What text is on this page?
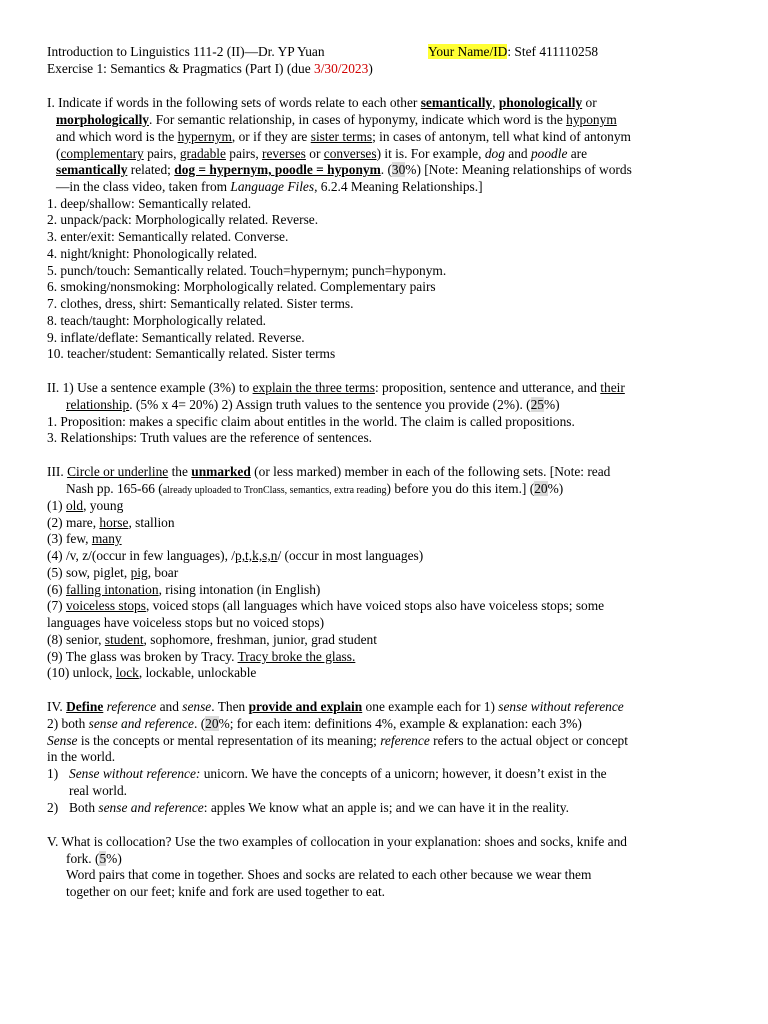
Introduction to Linguistics 111-2 (II)—Dr. YP Yuan	Your Name/ID: Stef 411110258
Exercise 1: Semantics & Pragmatics (Part I) (due 3/30/2023)
I. Indicate if words in the following sets of words relate to each other semantically, phonologically or
morphologically. For semantic relationship, in cases of hyponymy, indicate which word is the hyponym
and which word is the hypernym, or if they are sister terms; in cases of antonym, tell what kind of antonym
(complementary pairs, gradable pairs, reverses or converses) it is. For example, dog and poodle are
semantically related; dog = hypernym, poodle = hyponym. (30%) [Note: Meaning relationships of words
—in the class video, taken from Language Files, 6.2.4 Meaning Relationships.]
1. deep/shallow: Semantically related.
2. unpack/pack: Morphologically related. Reverse.
3. enter/exit: Semantically related. Converse.
4. night/knight: Phonologically related.
5. punch/touch: Semantically related. Touch=hypernym; punch=hyponym.
6. smoking/nonsmoking: Morphologically related. Complementary pairs
7. clothes, dress, shirt: Semantically related. Sister terms.
8. teach/taught: Morphologically related.
9. inflate/deflate: Semantically related. Reverse.
10. teacher/student: Semantically related. Sister terms
II. 1) Use a sentence example (3%) to explain the three terms: proposition, sentence and utterance, and their
relationship. (5% x 4= 20%) 2) Assign truth values to the sentence you provide (2%). (25%)
1. Proposition: makes a specific claim about entitles in the world. The claim is called propositions.
3. Relationships: Truth values are the reference of sentences.
III. Circle or underline the unmarked (or less marked) member in each of the following sets. [Note: read
Nash pp. 165-66 (already uploaded to TronClass, semantics, extra reading) before you do this item.] (20%)
(1) old, young
(2) mare, horse, stallion
(3) few, many
(4) /v, z/(occur in few languages), /p,t,k,s,n/ (occur in most languages)
(5) sow, piglet, pig, boar
(6) falling intonation, rising intonation (in English)
(7) voiceless stops, voiced stops (all languages which have voiced stops also have voiceless stops; some
languages have voiceless stops but no voiced stops)
(8) senior, student, sophomore, freshman, junior, grad student
(9) The glass was broken by Tracy. Tracy broke the glass.
(10) unlock, lock, lockable, unlockable
IV. Define reference and sense. Then provide and explain one example each for 1) sense without reference
2) both sense and reference. (20%; for each item: definitions 4%, example & explanation: each 3%)
Sense is the concepts or mental representation of its meaning; reference refers to the actual object or concept
in the world.
1) Sense without reference: unicorn. We have the concepts of a unicorn; however, it doesn’t exist in the
real world.
2) Both sense and reference: apples We know what an apple is; and we can have it in the reality.
V. What is collocation? Use the two examples of collocation in your explanation: shoes and socks, knife and
fork. (5%)
Word pairs that come in together. Shoes and socks are related to each other because we wear them
together on our feet; knife and fork are used together to eat.
